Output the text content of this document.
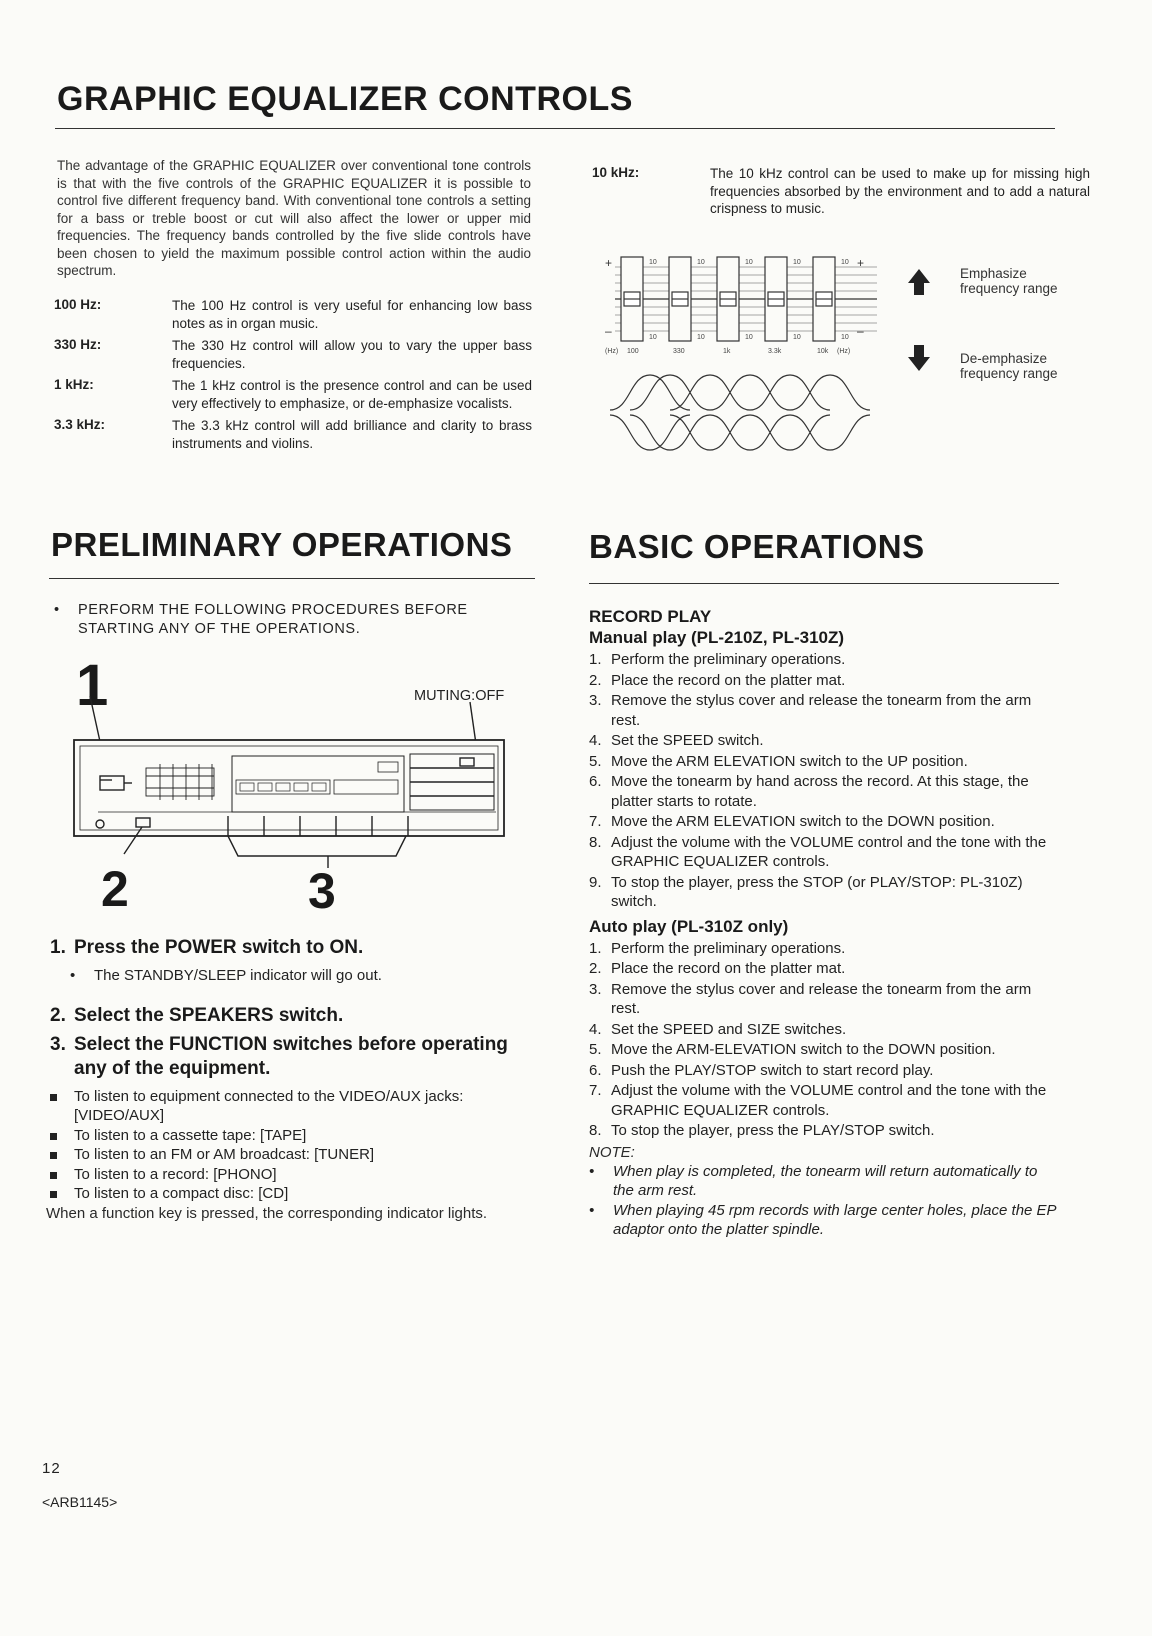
GRAPHIC EQUALIZER CONTROLS
The advantage of the GRAPHIC EQUALIZER over conventional tone controls is that with the five controls of the GRAPHIC EQUALIZER it is possible to control five different frequency band. With conventional tone controls a setting for a bass or treble boost or cut will also affect the lower or upper mid frequencies. The frequency bands controlled by the five slide controls have been chosen to yield the maximum possible control action within the audio spectrum.
100 Hz:	The 100 Hz control is very useful for enhancing low bass notes as in organ music.
330 Hz:	The 330 Hz control will allow you to vary the upper bass frequencies.
1 kHz:	The 1 kHz control is the presence control and can be used very effectively to emphasize, or de-emphasize vocalists.
3.3 kHz:	The 3.3 kHz control will add brilliance and clarity to brass instruments and violins.
10 kHz:	The 10 kHz control can be used to make up for missing high frequencies absorbed by the environment and to add a natural crispness to music.
+
–
+
–
10	10	10	10	10
10	10	10	10	10
(Hz) 100	330	1k	3.3k	10k (Hz)
Emphasize frequency range
De-emphasize frequency range
PRELIMINARY OPERATIONS
•	PERFORM THE FOLLOWING PROCEDURES BEFORE STARTING ANY OF THE OPERATIONS.
1	MUTING:OFF
2	3
1. Press the POWER switch to ON.
•	The STANDBY/SLEEP indicator will go out.
2. Select the SPEAKERS switch.
3. Select the FUNCTION switches before operating any of the equipment.
To listen to equipment connected to the VIDEO/AUX jacks: [VIDEO/AUX]
To listen to a cassette tape: [TAPE]
To listen to an FM or AM broadcast: [TUNER]
To listen to a record: [PHONO]
To listen to a compact disc: [CD]
When a function key is pressed, the corresponding indicator lights.
BASIC OPERATIONS
RECORD PLAY
Manual play (PL-210Z, PL-310Z)
1. Perform the preliminary operations.
2. Place the record on the platter mat.
3. Remove the stylus cover and release the tonearm from the arm rest.
4. Set the SPEED switch.
5. Move the ARM ELEVATION switch to the UP position.
6. Move the tonearm by hand across the record. At this stage, the platter starts to rotate.
7. Move the ARM ELEVATION switch to the DOWN position.
8. Adjust the volume with the VOLUME control and the tone with the GRAPHIC EQUALIZER controls.
9. To stop the player, press the STOP (or PLAY/STOP: PL-310Z) switch.
Auto play (PL-310Z only)
1. Perform the preliminary operations.
2. Place the record on the platter mat.
3. Remove the stylus cover and release the tonearm from the arm rest.
4. Set the SPEED and SIZE switches.
5. Move the ARM-ELEVATION switch to the DOWN position.
6. Push the PLAY/STOP switch to start record play.
7. Adjust the volume with the VOLUME control and the tone with the GRAPHIC EQUALIZER controls.
8. To stop the player, press the PLAY/STOP switch.
NOTE:
•	When play is completed, the tonearm will return automatically to the arm rest.
•	When playing 45 rpm records with large center holes, place the EP adaptor onto the platter spindle.
12
<ARB1145>
